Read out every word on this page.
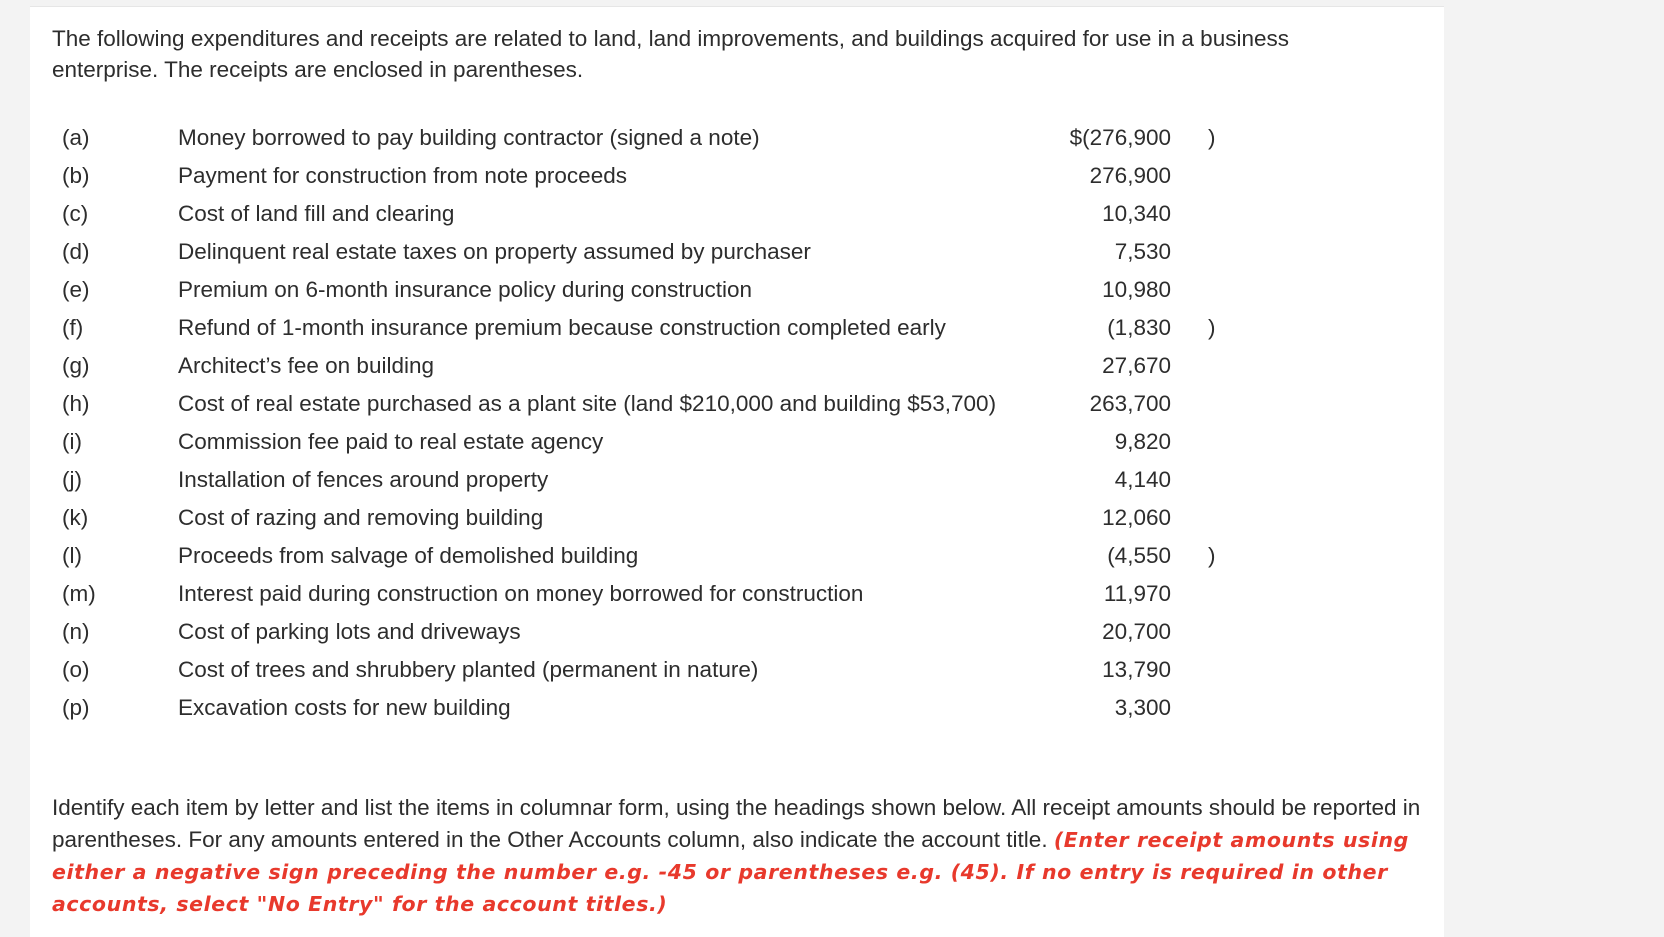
The following expenditures and receipts are related to land, land improvements, and buildings acquired for use in a business enterprise. The receipts are enclosed in parentheses.

(a)	Money borrowed to pay building contractor (signed a note)	$(276,900 )
(b)	Payment for construction from note proceeds	276,900
(c)	Cost of land fill and clearing	10,340
(d)	Delinquent real estate taxes on property assumed by purchaser	7,530
(e)	Premium on 6-month insurance policy during construction	10,980
(f)	Refund of 1-month insurance premium because construction completed early	(1,830 )
(g)	Architect’s fee on building	27,670
(h)	Cost of real estate purchased as a plant site (land $210,000 and building $53,700)	263,700
(i)	Commission fee paid to real estate agency	9,820
(j)	Installation of fences around property	4,140
(k)	Cost of razing and removing building	12,060
(l)	Proceeds from salvage of demolished building	(4,550 )
(m)	Interest paid during construction on money borrowed for construction	11,970
(n)	Cost of parking lots and driveways	20,700
(o)	Cost of trees and shrubbery planted (permanent in nature)	13,790
(p)	Excavation costs for new building	3,300

Identify each item by letter and list the items in columnar form, using the headings shown below. All receipt amounts should be reported in parentheses. For any amounts entered in the Other Accounts column, also indicate the account title. (Enter receipt amounts using either a negative sign preceding the number e.g. -45 or parentheses e.g. (45). If no entry is required in other accounts, select "No Entry" for the account titles.)
